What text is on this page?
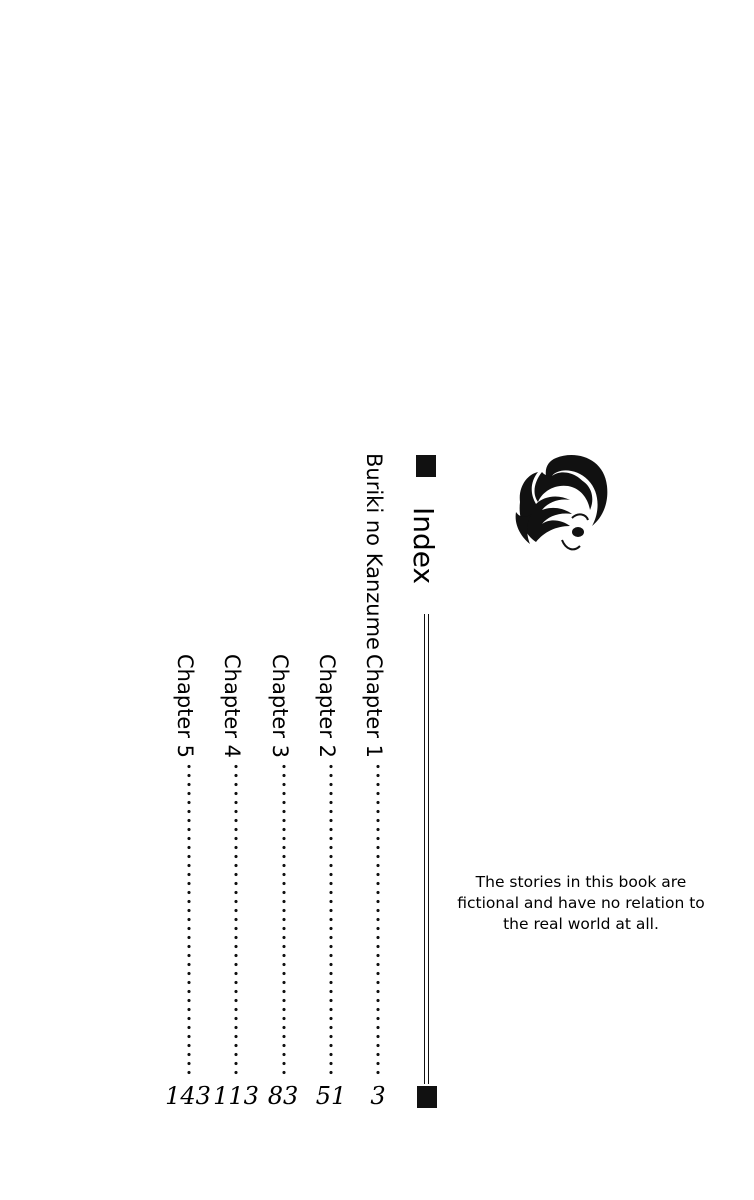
Index
Buriki no Kanzume
Chapter 1
3
Chapter 2
51
Chapter 3
83
Chapter 4
113
Chapter 5
143
The stories in this book are fictional and have no relation to the real world at all.
